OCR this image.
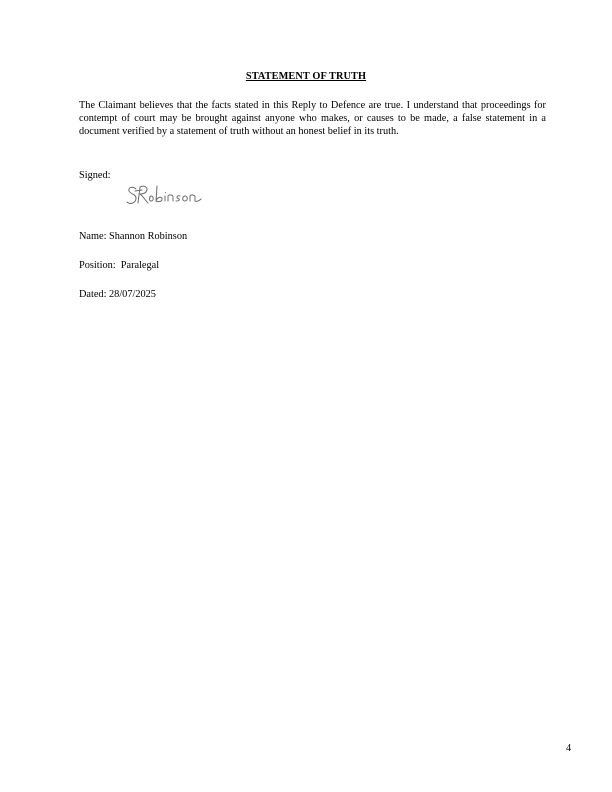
STATEMENT OF TRUTH
The Claimant believes that the facts stated in this Reply to Defence are true. I understand that proceedings for contempt of court may be brought against anyone who makes, or causes to be made, a false statement in a document verified by a statement of truth without an honest belief in its truth.
Signed:
Name: Shannon Robinson
Position:  Paralegal
Dated: 28/07/2025
4
